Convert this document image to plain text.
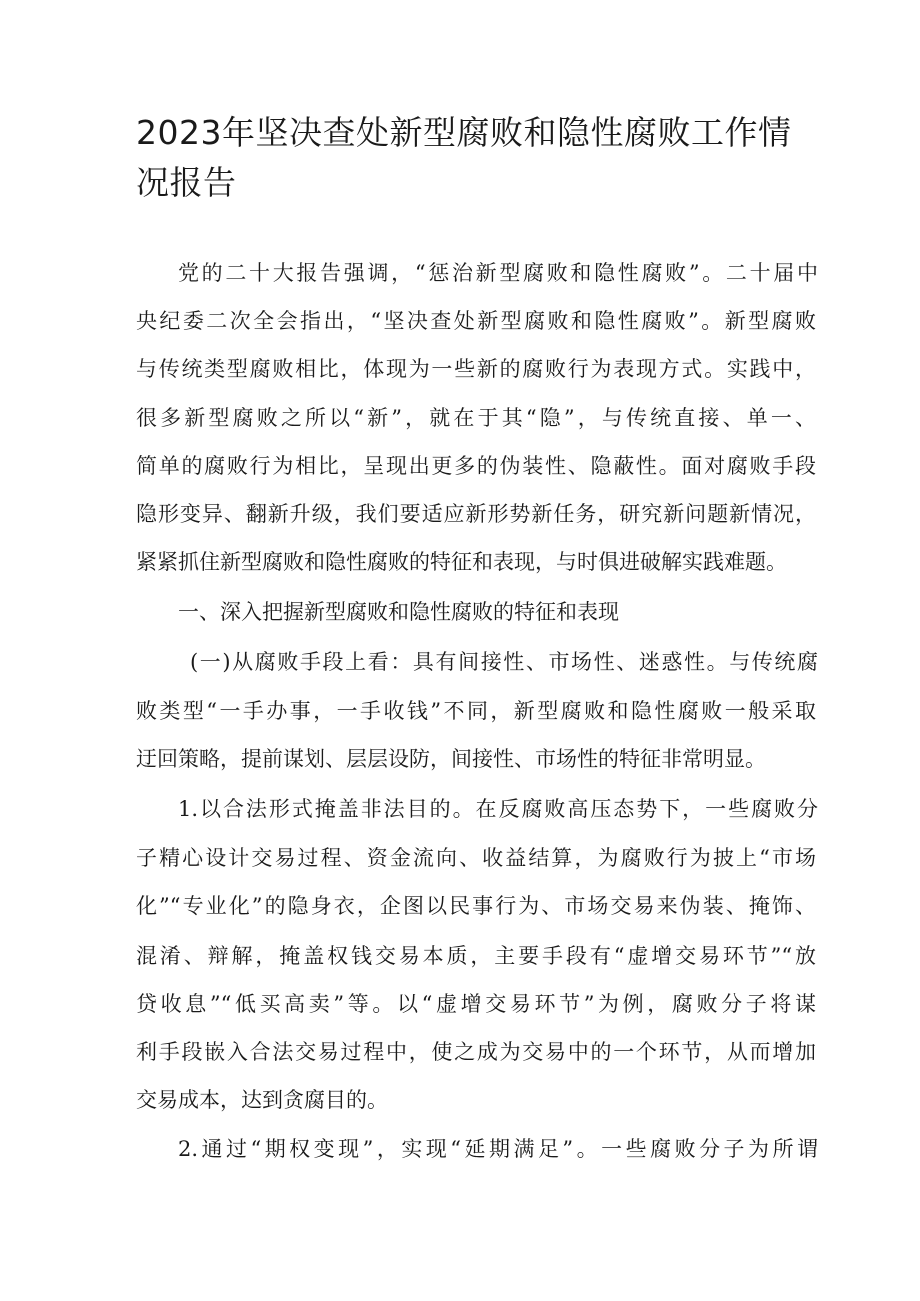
2023年坚决查处新型腐败和隐性腐败工作情
况报告

党的二十大报告强调，“惩治新型腐败和隐性腐败”。二十届中

央纪委二次全会指出，“坚决查处新型腐败和隐性腐败”。新型腐败

与传统类型腐败相比，体现为一些新的腐败行为表现方式。实践中，

很多新型腐败之所以“新”，就在于其“隐”，与传统直接、单一、

简单的腐败行为相比，呈现出更多的伪装性、隐蔽性。面对腐败手段

隐形变异、翻新升级，我们要适应新形势新任务，研究新问题新情况，

紧紧抓住新型腐败和隐性腐败的特征和表现，与时俱进破解实践难题。

一、深入把握新型腐败和隐性腐败的特征和表现

(一)从腐败手段上看：具有间接性、市场性、迷惑性。与传统腐

败类型“一手办事，一手收钱”不同，新型腐败和隐性腐败一般采取

迂回策略，提前谋划、层层设防，间接性、市场性的特征非常明显。

1.以合法形式掩盖非法目的。在反腐败高压态势下，一些腐败分

子精心设计交易过程、资金流向、收益结算，为腐败行为披上“市场

化”“专业化”的隐身衣，企图以民事行为、市场交易来伪装、掩饰、

混淆、辩解，掩盖权钱交易本质，主要手段有“虚增交易环节”“放

贷收息”“低买高卖”等。以“虚增交易环节”为例，腐败分子将谋

利手段嵌入合法交易过程中，使之成为交易中的一个环节，从而增加

交易成本，达到贪腐目的。

2.通过“期权变现”，实现“延期满足”。一些腐败分子为所谓
